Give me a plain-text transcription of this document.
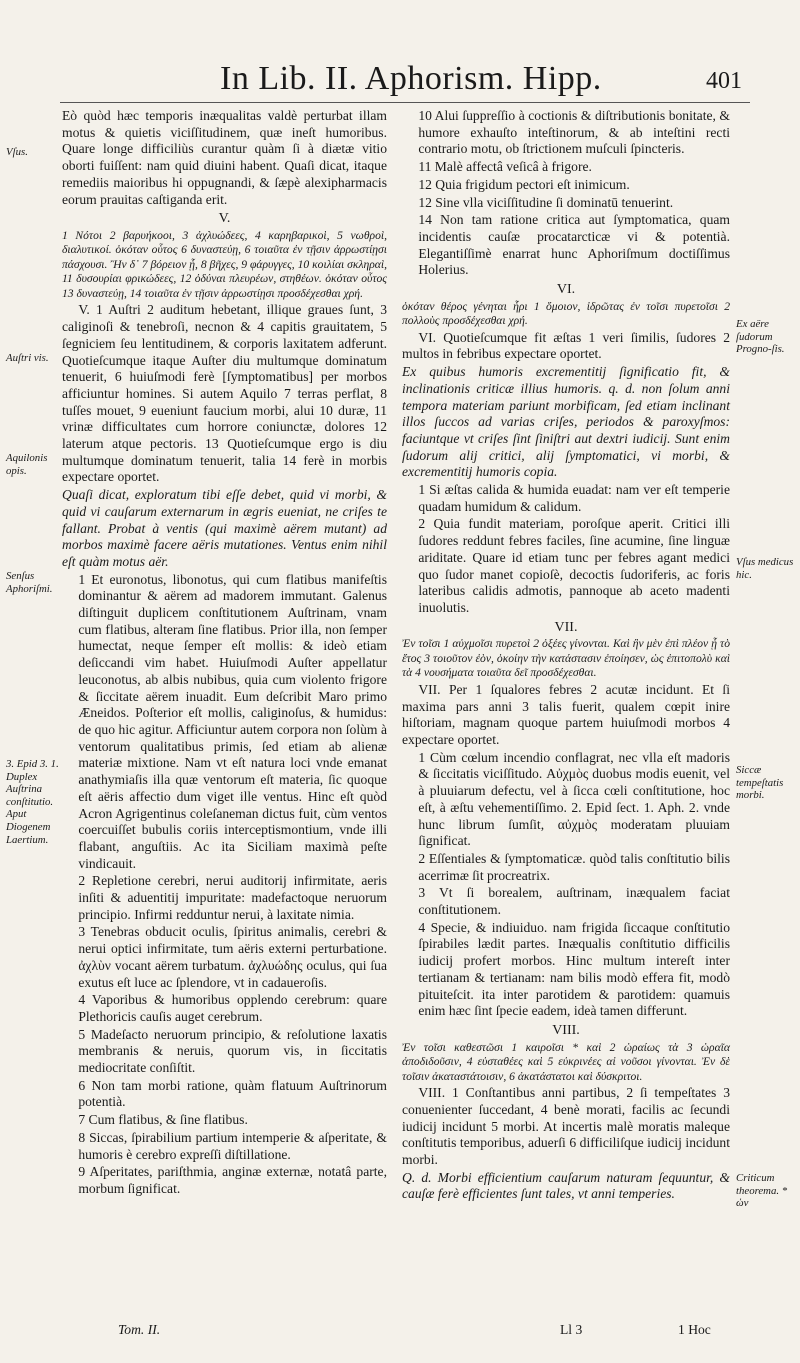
In Lib. II. Aphorism. Hipp.	401

Eò quòd hæc temporis inæqualitas valdè perturbat illam motus & quietis viciſſitudinem, quæ ineſt humoribus. Quare longe difficiliùs curantur quàm ſi à diætæ vitio oborti fuiſſent: nam quid diuini habent. Quaſi dicat, itaque remediis maioribus hi oppugnandi, & ſæpè alexipharmacis eorum prauitas caſtiganda erit.

V.

1 Νότοι 2 βαρυήκοοι, 3 ἀχλυώδεες, 4 καρηβαρικοὶ, 5 νωθροὶ, διαλυτικοί. ὁκόταν οὗτος 6 δυναστεύῃ, 6 τοιαῦτα ἐν τῇσιν ἀρρωστίῃσι πάσχουσι. Ἢν δ᾽ 7 βόρειον ᾖ, 8 βῆχες, 9 φάρυγγες, 10 κοιλίαι σκληραὶ, 11 δυσουρίαι φρικώδεες, 12 ὀδύναι πλευρέων, στηθέων. ὁκόταν οὗτος 13 δυναστεύῃ, 14 τοιαῦτα ἐν τῇσιν ἀρρωστίῃσι προσδέχεσθαι χρή.

V. 1 Auſtri 2 auditum hebetant, illique graues ſunt, 3 caliginoſi & tenebroſi, necnon & 4 capitis grauitatem, 5 ſegniciem ſeu lentitudinem, & corporis laxitatem adferunt. Quotieſcumque itaque Auſter diu multumque dominatum tenuerit, 6 huiuſmodi ferè [ſymptomatibus] per morbos afficiuntur homines. Si autem Aquilo 7 terras perflat, 8 tuſſes mouet, 9 eueniunt faucium morbi, alui 10 duræ, 11 vrinæ difficultates cum horrore coniunctæ, dolores 12 laterum atque pectoris. 13 Quotieſcumque ergo is diu multumque dominatum tenuerit, talia 14 ferè in morbis expectare oportet.

Quaſi dicat, exploratum tibi eſſe debet, quid vi morbi, & quid vi cauſarum externarum in ægris eueniat, ne criſes te fallant. Probat à ventis (qui maximè aërem mutant) ad morbos maximè facere aëris mutationes. Ventus enim nihil eſt quàm motus aër.

1 Et euronotus, libonotus, qui cum flatibus manifeſtis dominantur & aërem ad madorem immutant. Galenus diſtinguit duplicem conſtitutionem Auſtrinam, vnam cum flatibus, alteram ſine flatibus. Prior illa, non ſemper humectat, neque ſemper eſt mollis: & ideò etiam deſiccandi vim habet. Huiuſmodi Auſter appellatur leuconotus, ab albis nubibus, quia cum violento frigore & ſiccitate aërem inuadit. Eum deſcribit Maro primo Æneidos. Poſterior eſt mollis, caliginoſus, & humidus: de quo hic agitur. Afficiuntur autem corpora non ſolùm à ventorum qualitatibus primis, ſed etiam ab alienæ materiæ mixtione. Nam vt eſt natura loci vnde emanat anathymiaſis illa quæ ventorum eſt materia, ſic quoque eſt aëris affectio dum viget ille ventus. Hinc eſt quòd Acron Agrigentinus coleſaneman dictus fuit, cùm ventos coercuiſſet bubulis coriis interceptismontium, vnde illi flabant, anguſtiis. Ac ita Siciliam maximà peſte vindicauit.

2 Repletione cerebri, nerui auditorij infirmitate, aeris inſiti & aduentitij impuritate: madefactoque neruorum principio. Infirmi redduntur nerui, à laxitate nimia.

3 Tenebras obducit oculis, ſpiritus animalis, cerebri & nerui optici infirmitate, tum aëris externi perturbatione. ἀχλὺν vocant aërem turbatum. ἀχλυώδης oculus, qui ſua exutus eſt luce ac ſplendore, vt in cadaueroſis.

4 Vaporibus & humoribus opplendo cerebrum: quare Plethoricis cauſis auget cerebrum.

5 Madeſacto neruorum principio, & reſolutione laxatis membranis & neruis, quorum vis, in ſiccitatis mediocritate conſiſtit.

6 Non tam morbi ratione, quàm flatuum Auſtrinorum potentià.

7 Cum flatibus, & ſine flatibus.

8 Siccas, ſpirabilium partium intemperie & aſperitate, & humoris è cerebro expreſſi diſtillatione.

9 Aſperitates, pariſthmia, anginæ externæ, notatâ parte, morbum ſignificat.

10 Alui ſuppreſſio à coctionis & diſtributionis bonitate, & humore exhauſto inteſtinorum, & ab inteſtini recti contrario motu, ob ſtrictionem muſculi ſpincteris.

11 Malè affectâ veſicâ à frigore.

12 Quia frigidum pectori eſt inimicum.

12 Sine vlla viciſſitudine ſi dominatū tenuerint.

14 Non tam ratione critica aut ſymptomatica, quam incidentis cauſæ procatarcticæ vi & potentià. Elegantiſſimè enarrat hunc Aphoriſmum doctiſſimus Holerius.

VI.

ὁκόταν θέρος γένηται ἦρι 1 ὅμοιον, ἱδρῶτας ἐν τοῖσι πυρετοῖσι 2 πολλοὺς προσδέχεσθαι χρή.

VI. Quotieſcumque fit æſtas 1 veri ſimilis, ſudores 2 multos in febribus expectare oportet.

Ex quibus humoris excrementitij ſignificatio fit, & inclinationis criticæ illius humoris. q. d. non ſolum anni tempora materiam pariunt morbificam, ſed etiam inclinant illos ſuccos ad varias criſes, periodos & paroxyſmos: faciuntque vt criſes ſint ſiniſtri aut dextri iudicij. Sunt enim ſudorum alij critici, alij ſymptomatici, vi morbi, & excrementitij humoris copia.

1 Si æſtas calida & humida euadat: nam ver eſt temperie quadam humidum & calidum.

2 Quia fundit materiam, poroſque aperit. Critici illi ſudores reddunt febres faciles, ſine acumine, ſine linguæ ariditate. Quare id etiam tunc per febres agant medici quo ſudor manet copioſè, decoctis ſudoriferis, ac foris lateribus calidis admotis, pannoque ab aceto madenti inuolutis.

VII.

Ἐν τοῖσι 1 αὐχμοῖσι πυρετοὶ 2 ὀξέες γίνονται. Καὶ ἢν μὲν ἐπὶ πλέον ᾖ τὸ ἔτος 3 τοιοῦτον ἐὸν, ὁκοίην τὴν κατάστασιν ἐποίησεν, ὡς ἐπιτοπολὺ καὶ τὰ 4 νουσήματα τοιαῦτα δεῖ προσδέχεσθαι.

VII. Per 1 ſqualores febres 2 acutæ incidunt. Et ſi maxima pars anni 3 talis fuerit, qualem cœpit inire hiſtoriam, magnam quoque partem huiuſmodi morbos 4 expectare oportet.

1 Cùm cœlum incendio conflagrat, nec vlla eſt madoris & ſiccitatis viciſſitudo. Αὐχμὸς duobus modis euenit, vel à pluuiarum defectu, vel à ſicca cœli conſtitutione, hoc eſt, à æſtu vehementiſſimo. 2. Epid ſect. 1. Aph. 2. vnde hunc librum ſumſit, αὐχμὸς moderatam pluuiam ſignificat.

2 Eſſentiales & ſymptomaticæ. quòd talis conſtitutio bilis acerrimæ ſit procreatrix.

3 Vt ſi borealem, auſtrinam, inæqualem faciat conſtitutionem.

4 Specie, & indiuiduo. nam frigida ſiccaque conſtitutio ſpirabiles lædit partes. Inæqualis conſtitutio difficilis iudicij profert morbos. Hinc multum intereſt inter tertianam & tertianam: nam bilis modò effera fit, modò pituiteſcit. ita inter parotidem & parotidem: quamuis enim hæc ſint ſpecie eadem, ideà tamen differunt.

VIII.

Ἐν τοῖσι καθεστῶσι 1 καιροῖσι * καὶ 2 ὡραίως τὰ 3 ὡραῖα ἀποδιδοῦσιν, 4 εὐσταθέες καὶ 5 εὐκρινέες αἱ νοῦσοι γίνονται. Ἐν δὲ τοῖσιν ἀκαταστάτοισιν, 6 ἀκατάστατοι καὶ δύσκριτοι.

VIII. 1 Conſtantibus anni partibus, 2 ſi tempeſtates 3 conuenienter ſuccedant, 4 benè morati, facilis ac ſecundi iudicij incidunt 5 morbi. At incertis malè moratis maleque conſtitutis temporibus, aduerſi 6 difficiliſque iudicij incidunt morbi.

Q. d. Morbi efficientium cauſarum naturam ſequuntur, & cauſæ ferè efficientes ſunt tales, vt anni temperies.

Vſus.
Auſtri vis.
Aquilonis opis.
Senſus Aphoriſmi.
3. Epid 3. 1. Duplex Auſtrina conſtitutio. Aput Diogenem Laertium.
Ex aëre ſudorum Progno-ſis.
Vſus medicus hic.
Siccæ tempeſtatis morbi.
Criticum theorema. * ὡν
Tom. II.	Ll 3	1 Hoc
